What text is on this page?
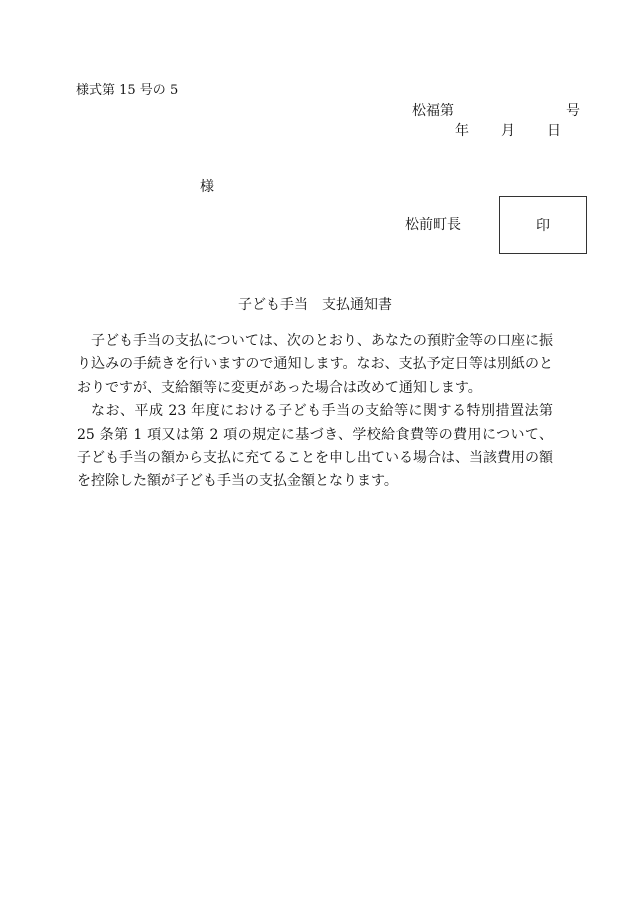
様式第 15 号の 5
松福第	号
年 月 日
様
松前町長	印
子ども手当 支払通知書

子ども手当の支払については、次のとおり、あなたの預貯金等の口座に振り込みの手続きを行いますので通知します。なお、支払予定日等は別紙のとおりですが、支給額等に変更があった場合は改めて通知します。

なお、平成 23 年度における子ども手当の支給等に関する特別措置法第 25 条第 1 項又は第 2 項の規定に基づき、学校給食費等の費用について、子ども手当の額から支払に充てることを申し出ている場合は、当該費用の額を控除した額が子ども手当の支払金額となります。
